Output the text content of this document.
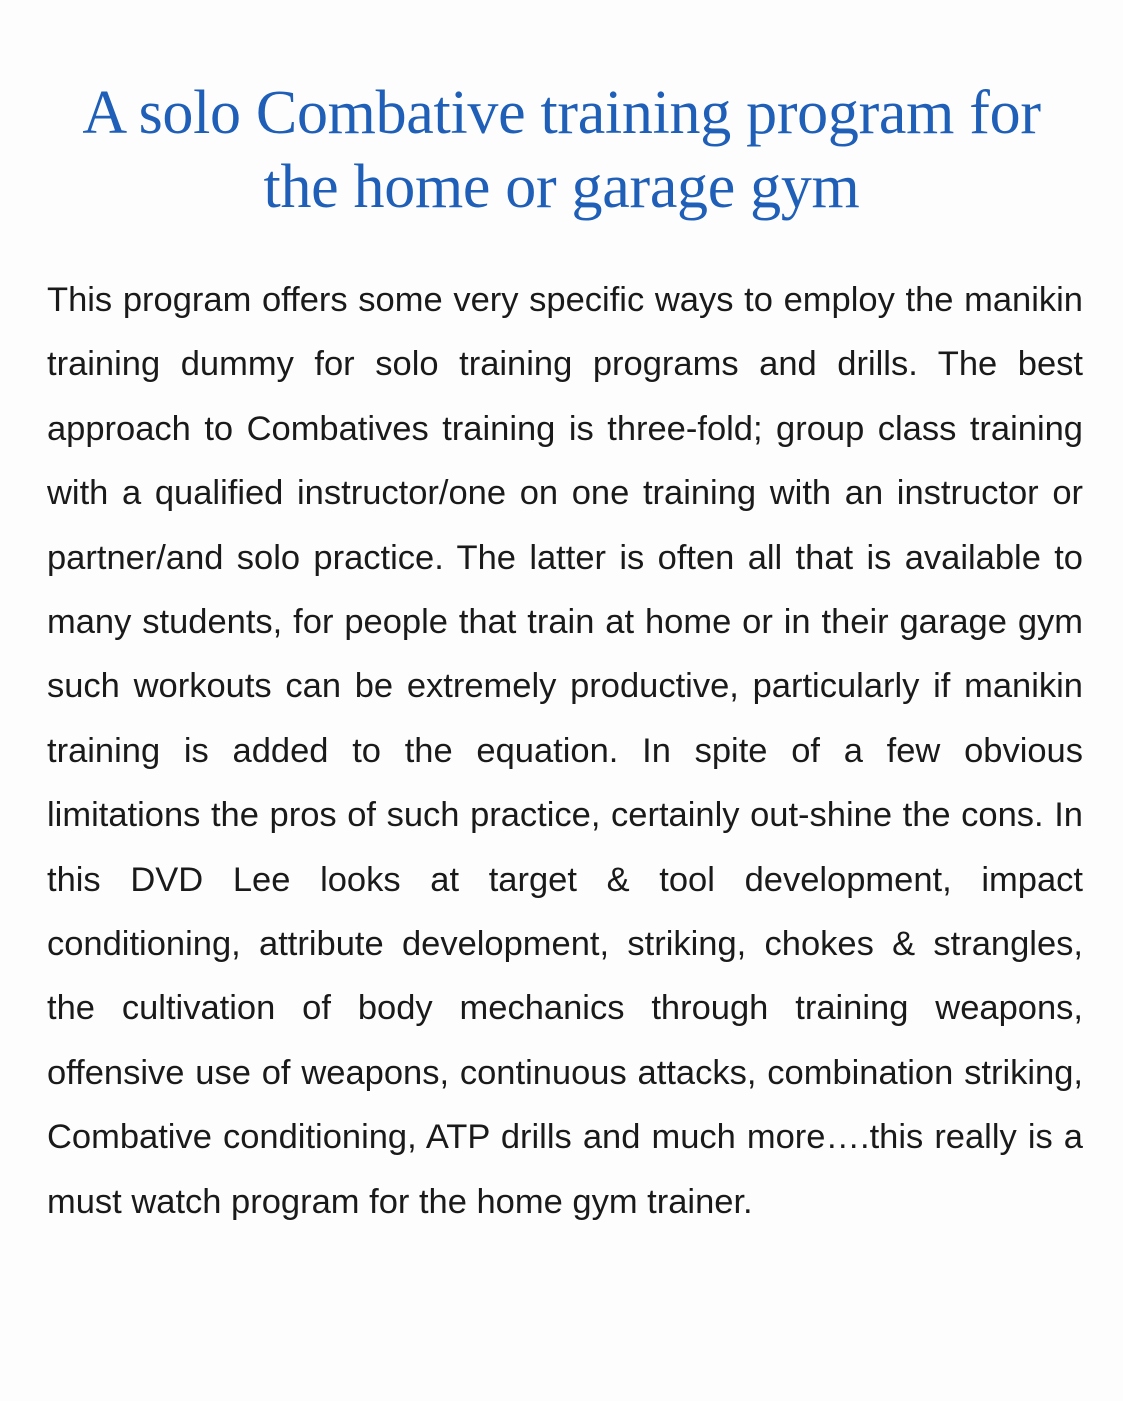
A solo Combative training program for the home or garage gym

This program offers some very specific ways to employ the manikin training dummy for solo training programs and drills. The best approach to Combatives training is three-fold; group class training with a qualified instructor/one on one training with an instructor or partner/and solo practice. The latter is often all that is available to many students, for people that train at home or in their garage gym such workouts can be extremely productive, particularly if manikin training is added to the equation. In spite of a few obvious limitations the pros of such practice, certainly out-shine the cons. In this DVD Lee looks at target & tool development, impact conditioning, attribute development, striking, chokes & strangles, the cultivation of body mechanics through training weapons, offensive use of weapons, continuous attacks, combination striking, Combative conditioning, ATP drills and much more….this really is a must watch program for the home gym trainer.
